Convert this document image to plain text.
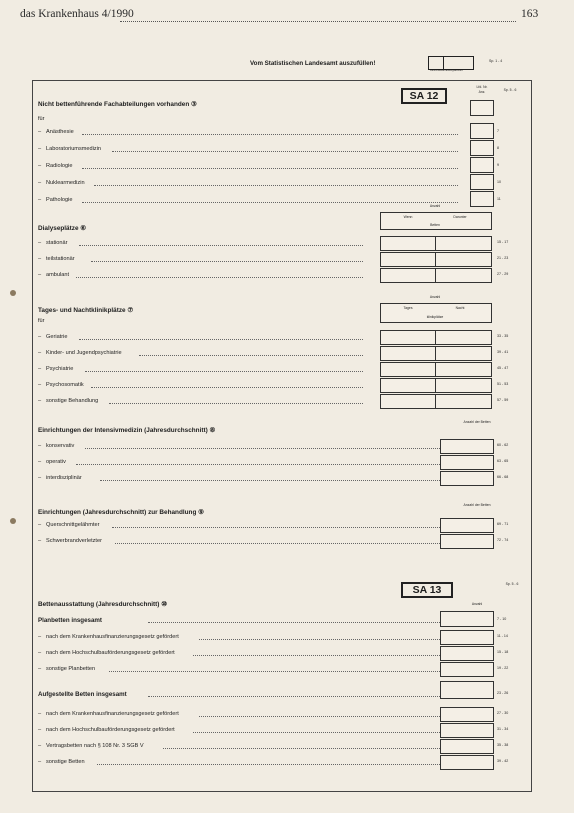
das Krankenhaus 4/1990	163
Vom Statistischen Landesamt auszufüllen!
Kennziffer/Erhebungseinheit
Sp. 1 - 4
SA 12
Lfd. Nr.
Anz.	Sp. 5 - 6
Nicht bettenführende Fachabteilungen vorhanden ③
für
– Anästhesie	7
– Laboratoriumsmedizin	8
– Radiologie	9
– Nuklearmedizin	10
– Pathologie	11
Anzahl
Wenn	Darunter
Betten
Dialyseplätze ⑥
– stationär	15 - 17
– teilstationär	21 - 23
– ambulant	27 - 29
Anzahl
Tages	Nacht
klinikplätze
Tages- und Nachtklinikplätze ⑦
für
– Geriatrie	33 - 35
– Kinder- und Jugendpsychiatrie	39 - 41
– Psychiatrie	45 - 47
– Psychosomatik	51 - 53
– sonstige Behandlung	57 - 59
Anzahl der Betten
Einrichtungen der Intensivmedizin (Jahresdurchschnitt) ⑧
– konservativ	60 - 62
– operativ	63 - 65
– interdisziplinär	66 - 68
Anzahl der Betten
Einrichtungen (Jahresdurchschnitt) zur Behandlung ⑨
– Querschnittgelähmter	69 - 71
– Schwerbrandverletzter	72 - 74
SA 13	Sp. 5 - 6
Bettenausstattung (Jahresdurchschnitt) ⑩	Anzahl
Planbetten insgesamt	7 - 10
– nach dem Krankenhausfinanzierungsgesetz gefördert	11 - 14
– nach dem Hochschulbauförderungsgesetz gefördert	15 - 18
– sonstige Planbetten	19 - 22
Aufgestellte Betten insgesamt	23 - 26
– nach dem Krankenhausfinanzierungsgesetz gefördert	27 - 30
– nach dem Hochschulbauförderungsgesetz gefördert	31 - 34
– Vertragsbetten nach § 108 Nr. 3 SGB V	35 - 38
– sonstige Betten	39 - 42
